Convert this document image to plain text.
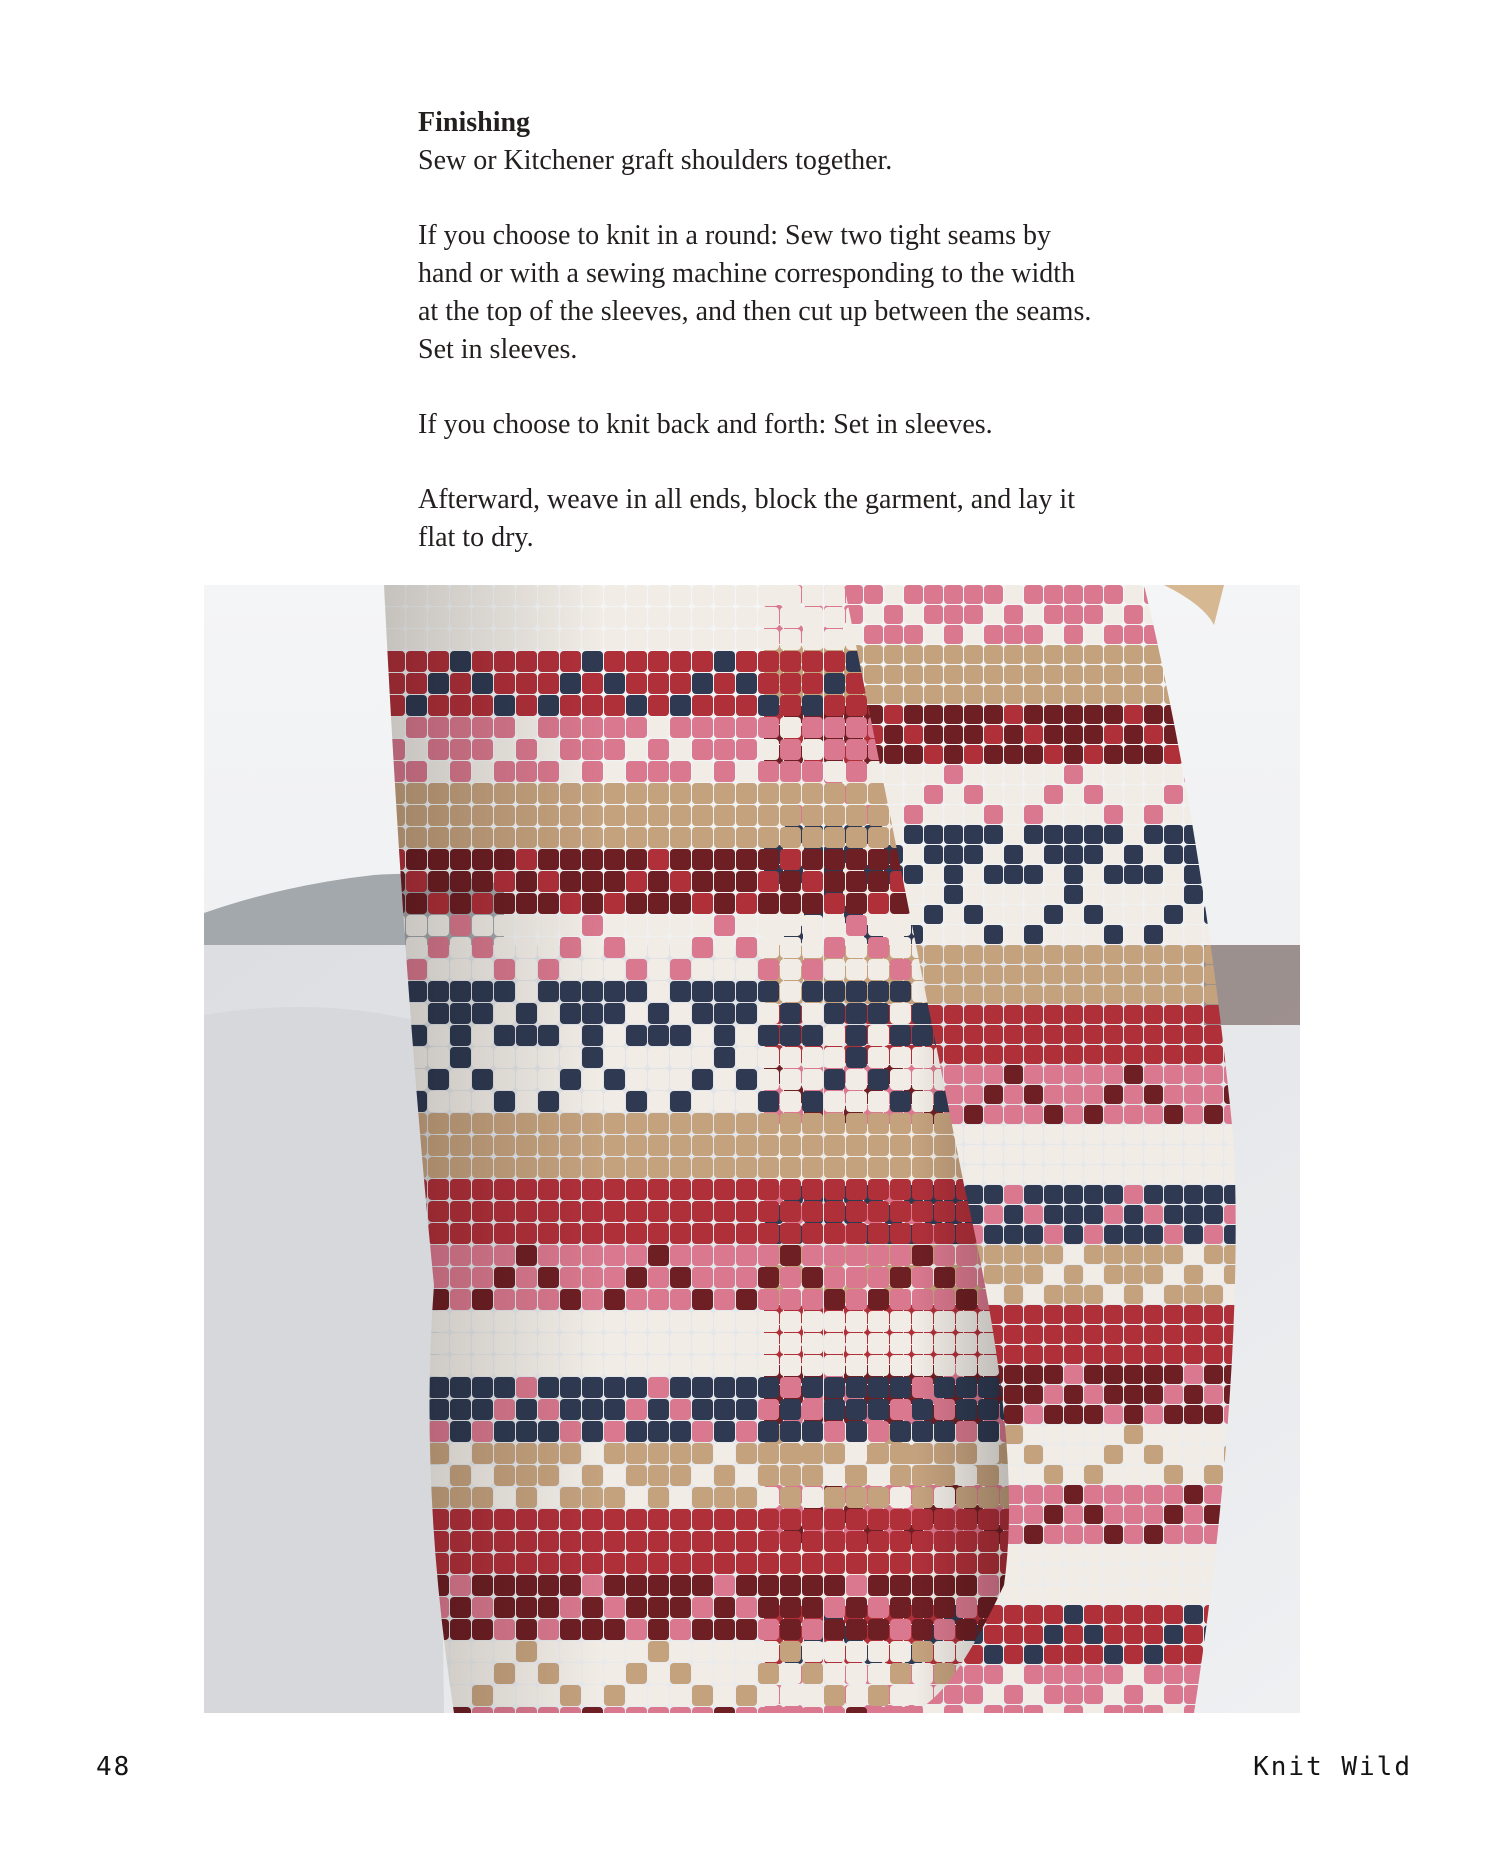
Finishing
Sew or Kitchener graft shoulders together.

If you choose to knit in a round: Sew two tight seams by hand or with a sewing machine corresponding to the width at the top of the sleeves, and then cut up between the seams. Set in sleeves.

If you choose to knit back and forth: Set in sleeves.

Afterward, weave in all ends, block the garment, and lay it flat to dry.

48	Knit Wild
